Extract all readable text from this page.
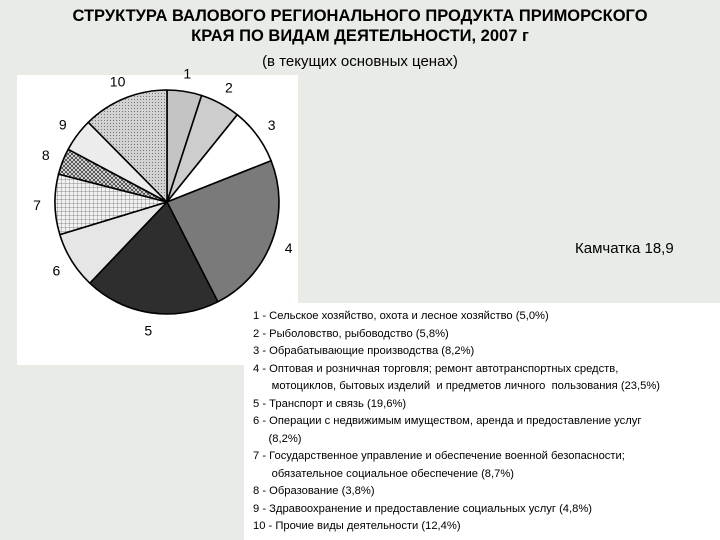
СТРУКТУРА ВАЛОВОГО РЕГИОНАЛЬНОГО ПРОДУКТА ПРИМОРСКОГО
КРАЯ ПО ВИДАМ ДЕЯТЕЛЬНОСТИ, 2007 г
(в текущих основных ценах)
1
2
3
4
5
6
7
8
9
10
Камчатка 18,9
1 - Сельское хозяйство, охота и лесное хозяйство (5,0%)
2 - Рыболовство, рыбоводство (5,8%)
3 - Обрабатывающие производства (8,2%)
4 - Оптовая и розничная торговля; ремонт автотранспортных средств,
мотоциклов, бытовых изделий  и предметов личного  пользования (23,5%)
5 - Транспорт и связь (19,6%)
6 - Операции с недвижимым имуществом, аренда и предоставление услуг
(8,2%)
7 - Государственное управление и обеспечение военной безопасности;
обязательное социальное обеспечение (8,7%)
8 - Образование (3,8%)
9 - Здравоохранение и предоставление социальных услуг (4,8%)
10 - Прочие виды деятельности (12,4%)
